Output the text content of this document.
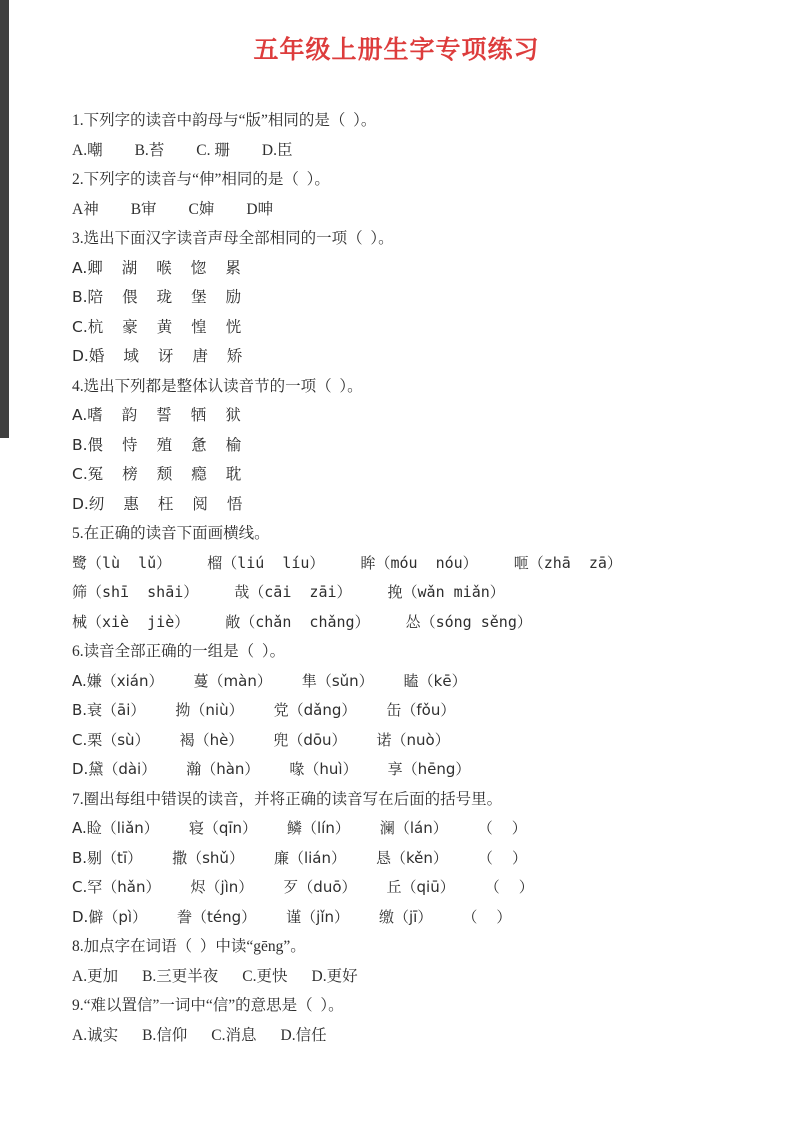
五年级上册生字专项练习
1.下列字的读音中韵母与“版”相同的是（  ）。
A.嘲 B.苔 C. 珊 D.臣
2.下列字的读音与“伸”相同的是（  ）。
A神 B审 C婶 D呻
3.选出下面汉字读音声母全部相同的一项（  ）。
A.卿 湖 喉 惚 累
B.陪 偎 珑 堡 励
C.杭 豪 黄 惶 恍
D.婚 域 讶 唐 矫
4.选出下列都是整体认读音节的一项（  ）。
A.嗜 韵 誓 牺 狱
B.偎 恃 殖 惫 榆
C.冤 榜 颓 瘾 耽
D.纫 惠 枉 阅 悟
5.在正确的读音下面画横线。
鹭（lù  lǔ） 榴（liú  líu） 眸（móu  nóu） 咂（zhā  zā）
筛（shī  shāi） 哉（cāi  zāi） 挽（wǎn miǎn）
械（xiè  jiè） 敞（chǎn  chǎng） 怂（sóng sěng）
6.读音全部正确的一组是（  ）。
A.嫌（xián） 蔓（màn） 隼（sǔn） 瞌（kē）
B.衰（āi） 拗（niù） 党（dǎng） 缶（fǒu）
C.栗（sù） 褐（hè） 兜（dōu） 诺（nuò）
D.黛（dài） 瀚（hàn） 喙（huì） 享（hēng）
7.圈出每组中错误的读音，并将正确的读音写在后面的括号里。
A.睑（liǎn） 寝（qīn） 鳞（lín） 澜（lán） （    ）
B.剔（tī） 撒（shǔ） 廉（lián） 恳（kěn） （    ）
C.罕（hǎn） 烬（jìn） 歹（duō） 丘（qiū） （    ）
D.僻（pì） 誊（téng） 谨（jǐn） 缴（jī） （    ）
8.加点字在词语（  ）中读“gēng”。
A.更加 B.三更半夜 C.更快 D.更好
9.“难以置信”一词中“信”的意思是（  ）。
A.诚实 B.信仰 C.消息 D.信任
